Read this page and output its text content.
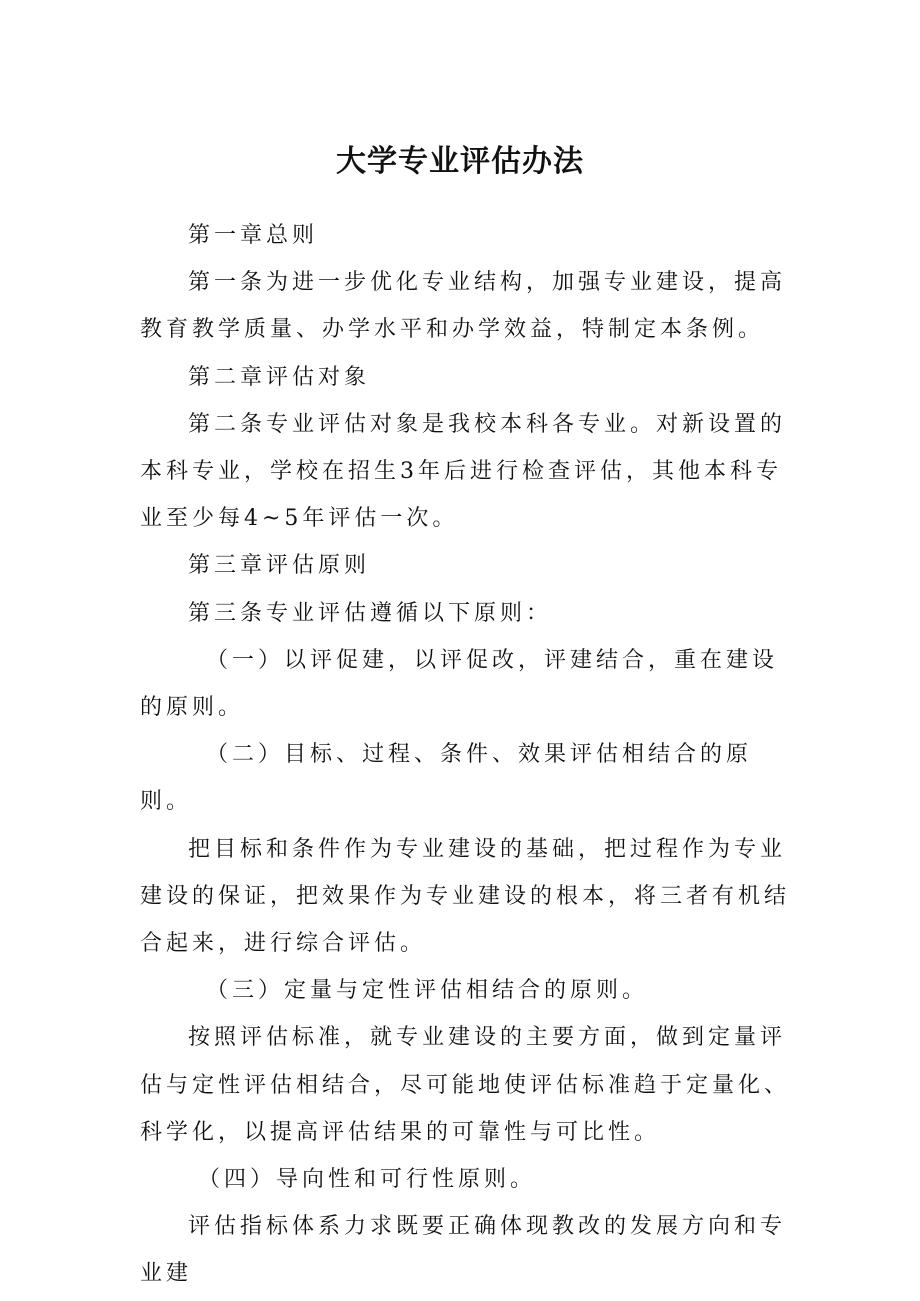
大学专业评估办法

第一章总则

第一条为进一步优化专业结构，加强专业建设，提高教育教学质量、办学水平和办学效益，特制定本条例。

第二章评估对象

第二条专业评估对象是我校本科各专业。对新设置的本科专业，学校在招生3年后进行检查评估，其他本科专业至少每4~5年评估一次。

第三章评估原则

第三条专业评估遵循以下原则：

（一）以评促建，以评促改，评建结合，重在建设的原则。

（二）目标、过程、条件、效果评估相结合的原则。

把目标和条件作为专业建设的基础，把过程作为专业建设的保证，把效果作为专业建设的根本，将三者有机结合起来，进行综合评估。

（三）定量与定性评估相结合的原则。

按照评估标准，就专业建设的主要方面，做到定量评估与定性评估相结合，尽可能地使评估标准趋于定量化、科学化，以提高评估结果的可靠性与可比性。

（四）导向性和可行性原则。

评估指标体系力求既要正确体现教改的发展方向和专业建
